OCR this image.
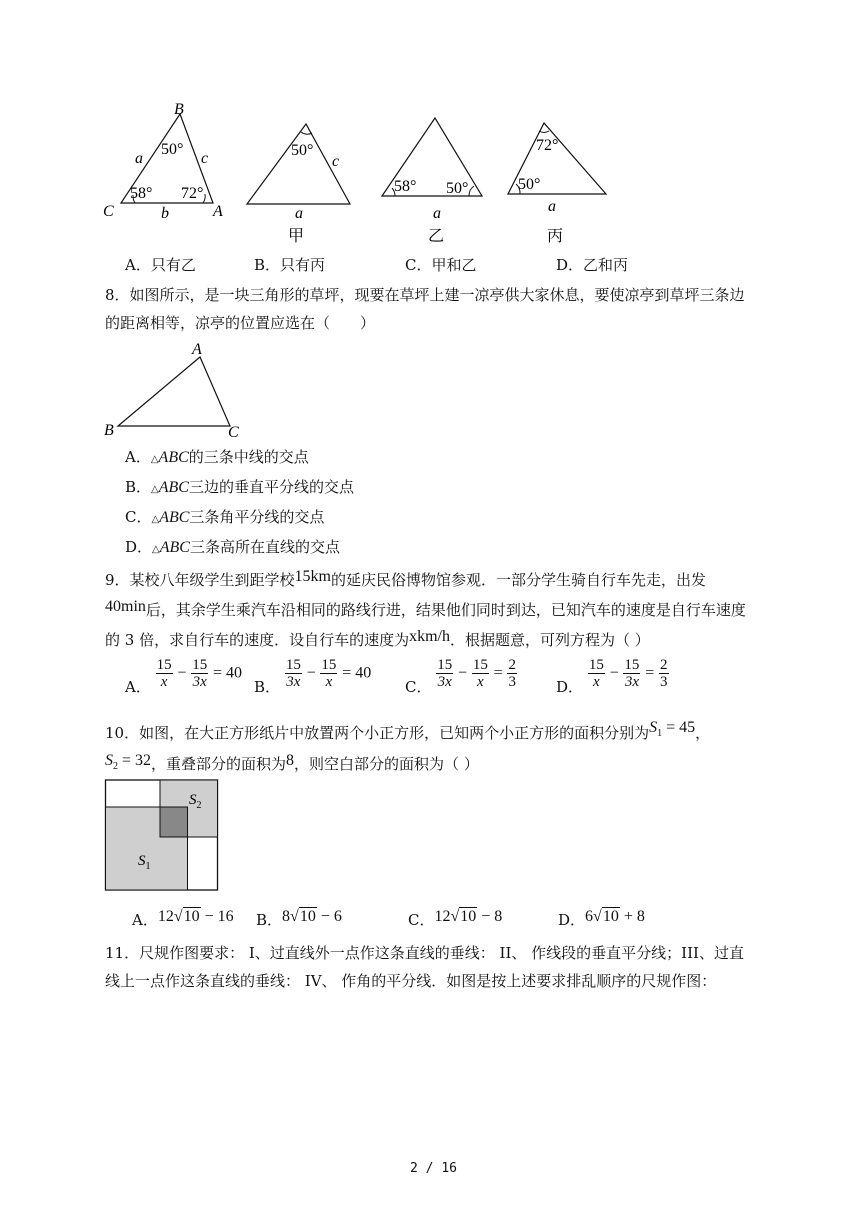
B
C	A
a	c
b
50°
58° 72°
50°
c
a
甲
58° 50°
a
乙
72°
50°
a
丙
A．只有乙	B．只有丙	C．甲和乙	D．乙和丙
8．如图所示，是一块三角形的草坪，现要在草坪上建一凉亭供大家休息，要使凉亭到草坪三条边
的距离相等，凉亭的位置应选在（　　）
A
B	C
A．△ABC的三条中线的交点
B．△ABC三边的垂直平分线的交点
C．△ABC三条角平分线的交点
D．△ABC三条高所在直线的交点
9．某校八年级学生到距学校15km的延庆民俗博物馆参观．一部分学生骑自行车先走，出发
40min后，其余学生乘汽车沿相同的路线行进，结果他们同时到达，已知汽车的速度是自行车速度
的 3 倍，求自行车的速度．设自行车的速度为xkm/h．根据题意，可列方程为（ ）
A． $\frac{15}{x} - \frac{15}{3x} = 40$
B． $\frac{15}{3x} - \frac{15}{x} = 40$
C． $\frac{15}{3x} - \frac{15}{x} = \frac{2}{3}$	D． $\frac{15}{x} - \frac{15}{3x} = \frac{2}{3}$
10．如图，在大正方形纸片中放置两个小正方形，已知两个小正方形的面积分别为$S_1 = 45$，
$S_2 = 32$，重叠部分的面积为8，则空白部分的面积为（ ）
$S_2$
$S_1$
A．12√10 − 16 B．8√10 − 6	C．12√10 − 8	D．6√10 + 8
11．尺规作图要求： I、过直线外一点作这条直线的垂线： II、 作线段的垂直平分线；III、过直
线上一点作这条直线的垂线： IV、 作角的平分线．如图是按上述要求排乱顺序的尺规作图：
2 / 16
